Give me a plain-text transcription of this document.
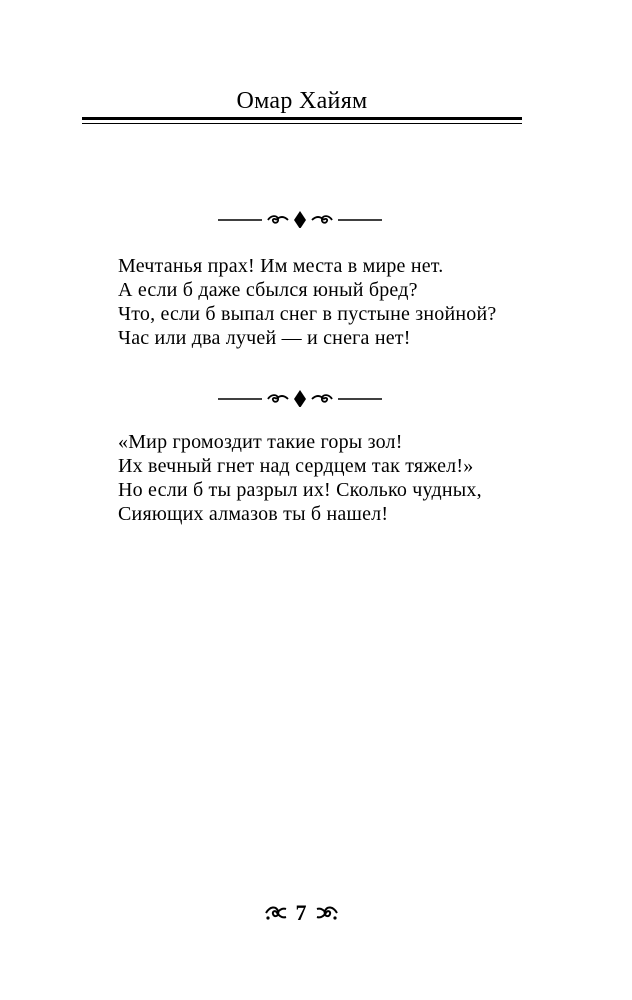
Омар Хайям
Мечтанья прах! Им места в мире нет.
А если б даже сбылся юный бред?
Что, если б выпал снег в пустыне знойной?
Час или два лучей — и снега нет!
«Мир громоздит такие горы зол!
Их вечный гнет над сердцем так тяжел!»
Но если б ты разрыл их! Сколько чудных,
Сияющих алмазов ты б нашел!
7
